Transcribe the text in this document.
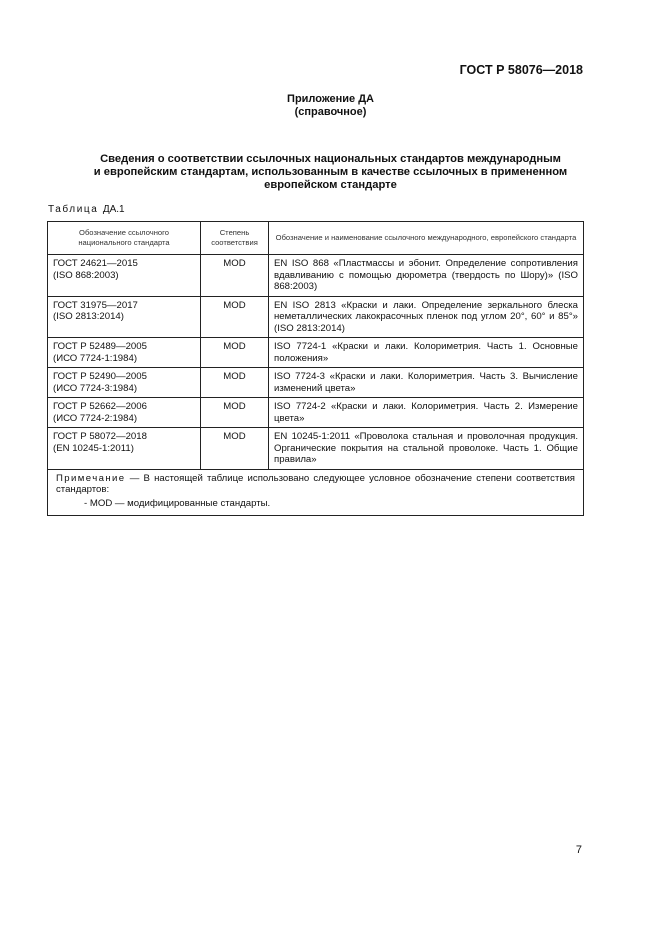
ГОСТ Р 58076—2018
Приложение ДА
(справочное)
Сведения о соответствии ссылочных национальных стандартов международным
и европейским стандартам, использованным в качестве ссылочных в примененном
европейском стандарте
Таблица ДА.1
Обозначение ссылочного национального стандарта	Степень соответствия	Обозначение и наименование ссылочного международного, европейского стандарта
ГОСТ 24621—2015
(ISO 868:2003)	MOD	EN ISO 868 «Пластмассы и эбонит. Определение сопротивления вдавливанию с помощью дюрометра (твердость по Шору)» (ISO 868:2003)
ГОСТ 31975—2017
(ISO 2813:2014)	MOD	EN ISO 2813 «Краски и лаки. Определение зеркального блеска неметаллических лакокрасочных пленок под углом 20°, 60° и 85°» (ISO 2813:2014)
ГОСТ Р 52489—2005
(ИСО 7724-1:1984)	MOD	ISO 7724-1 «Краски и лаки. Колориметрия. Часть 1. Основные положения»
ГОСТ Р 52490—2005
(ИСО 7724-3:1984)	MOD	ISO 7724-3 «Краски и лаки. Колориметрия. Часть 3. Вычисление изменений цвета»
ГОСТ Р 52662—2006
(ИСО 7724-2:1984)	MOD	ISO 7724-2 «Краски и лаки. Колориметрия. Часть 2. Измерение цвета»
ГОСТ Р 58072—2018
(EN 10245-1:2011)	MOD	EN 10245-1:2011 «Проволока стальная и проволочная продукция. Органические покрытия на стальной проволоке. Часть 1. Общие правила»
Примечание — В настоящей таблице использовано следующее условное обозначение степени соответствия стандартов:
- MOD — модифицированные стандарты.		
7
